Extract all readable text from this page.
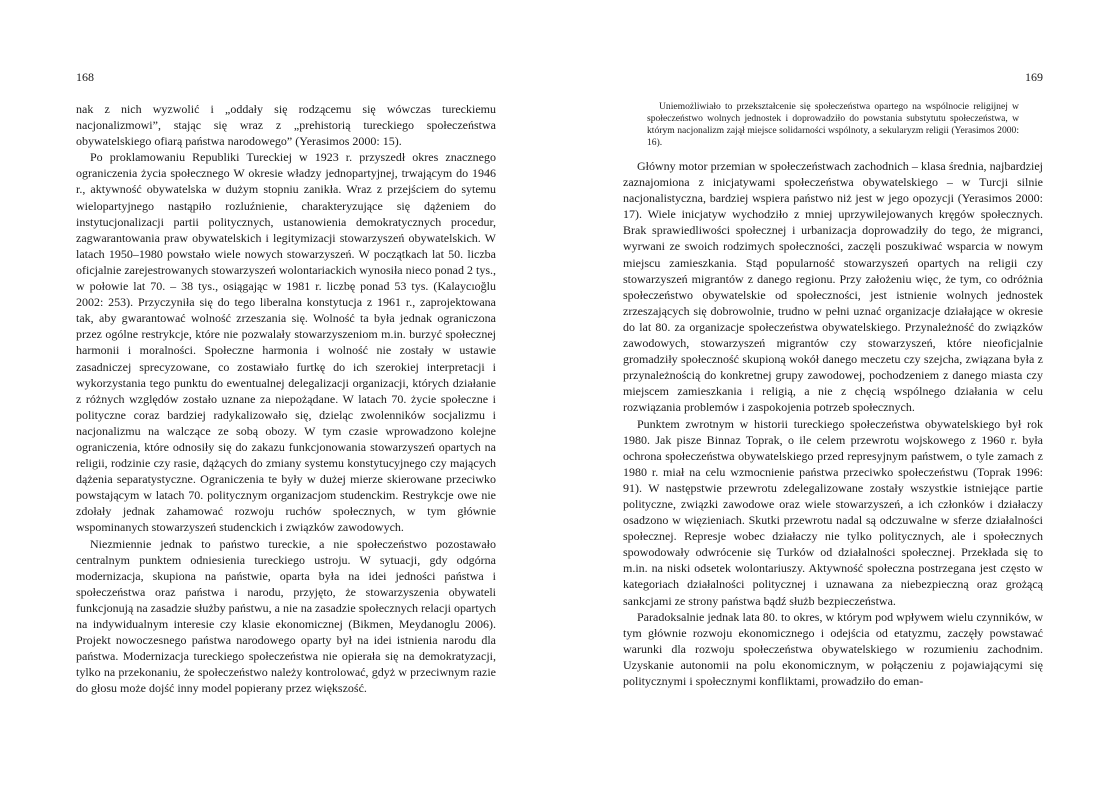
168

nak z nich wyzwolić i „oddały się rodzącemu się wówczas tureckiemu nacjonalizmowi”, stając się wraz z „prehistorią tureckiego społeczeństwa obywatelskiego ofiarą państwa narodowego” (Yerasimos 2000: 15).

Po proklamowaniu Republiki Tureckiej w 1923 r. przyszedł okres znacznego ograniczenia życia społecznego W okresie władzy jednopartyjnej, trwającym do 1946 r., aktywność obywatelska w dużym stopniu zanikła. Wraz z przejściem do sytemu wielopartyjnego nastąpiło rozluźnienie, charakteryzujące się dążeniem do instytucjonalizacji partii politycznych, ustanowienia demokratycznych procedur, zagwarantowania praw obywatelskich i legitymizacji stowarzyszeń obywatelskich. W latach 1950–1980 powstało wiele nowych stowarzyszeń. W początkach lat 50. liczba oficjalnie zarejestrowanych stowarzyszeń wolontariackich wynosiła nieco ponad 2 tys., w połowie lat 70. – 38 tys., osiągając w 1981 r. liczbę ponad 53 tys. (Kalaycıoğlu 2002: 253). Przyczyniła się do tego liberalna konstytucja z 1961 r., zaprojektowana tak, aby gwarantować wolność zrzeszania się. Wolność ta była jednak ograniczona przez ogólne restrykcje, które nie pozwalały stowarzyszeniom m.in. burzyć społecznej harmonii i moralności. Społeczne harmonia i wolność nie zostały w ustawie zasadniczej sprecyzowane, co zostawiało furtkę do ich szerokiej interpretacji i wykorzystania tego punktu do ewentualnej delegalizacji organizacji, których działanie z różnych względów zostało uznane za niepożądane. W latach 70. życie społeczne i polityczne coraz bardziej radykalizowało się, dzieląc zwolenników socjalizmu i nacjonalizmu na walczące ze sobą obozy. W tym czasie wprowadzono kolejne ograniczenia, które odnosiły się do zakazu funkcjonowania stowarzyszeń opartych na religii, rodzinie czy rasie, dążących do zmiany systemu konstytucyjnego czy mających dążenia separatystyczne. Ograniczenia te były w dużej mierze skierowane przeciwko powstającym w latach 70. politycznym organizacjom studenckim. Restrykcje owe nie zdołały jednak zahamować rozwoju ruchów społecznych, w tym głównie wspominanych stowarzyszeń studenckich i związków zawodowych.

Niezmiennie jednak to państwo tureckie, a nie społeczeństwo pozostawało centralnym punktem odniesienia tureckiego ustroju. W sytuacji, gdy odgórna modernizacja, skupiona na państwie, oparta była na idei jedności państwa i społeczeństwa oraz państwa i narodu, przyjęto, że stowarzyszenia obywateli funkcjonują na zasadzie służby państwu, a nie na zasadzie społecznych relacji opartych na indywidualnym interesie czy klasie ekonomicznej (Bikmen, Meydanoglu 2006). Projekt nowoczesnego państwa narodowego oparty był na idei istnienia narodu dla państwa. Modernizacja tureckiego społeczeństwa nie opierała się na demokratyzacji, tylko na przekonaniu, że społeczeństwo należy kontrolować, gdyż w przeciwnym razie do głosu może dojść inny model popierany przez większość.

169

Uniemożliwiało to przekształcenie się społeczeństwa opartego na wspólnocie religijnej w społeczeństwo wolnych jednostek i doprowadziło do powstania substytutu społeczeństwa, w którym nacjonalizm zajął miejsce solidarności wspólnoty, a sekularyzm religii (Yerasimos 2000: 16).

Główny motor przemian w społeczeństwach zachodnich – klasa średnia, najbardziej zaznajomiona z inicjatywami społeczeństwa obywatelskiego – w Turcji silnie nacjonalistyczna, bardziej wspiera państwo niż jest w jego opozycji (Yerasimos 2000: 17). Wiele inicjatyw wychodziło z mniej uprzywilejowanych kręgów społecznych. Brak sprawiedliwości społecznej i urbanizacja doprowadziły do tego, że migranci, wyrwani ze swoich rodzimych społeczności, zaczęli poszukiwać wsparcia w nowym miejscu zamieszkania. Stąd popularność stowarzyszeń opartych na religii czy stowarzyszeń migrantów z danego regionu. Przy założeniu więc, że tym, co odróżnia społeczeństwo obywatelskie od społeczności, jest istnienie wolnych jednostek zrzeszających się dobrowolnie, trudno w pełni uznać organizacje działające w okresie do lat 80. za organizacje społeczeństwa obywatelskiego. Przynależność do związków zawodowych, stowarzyszeń migrantów czy stowarzyszeń, które nieoficjalnie gromadziły społeczność skupioną wokół danego meczetu czy szejcha, związana była z przynależnością do konkretnej grupy zawodowej, pochodzeniem z danego miasta czy miejscem zamieszkania i religią, a nie z chęcią wspólnego działania w celu rozwiązania problemów i zaspokojenia potrzeb społecznych.

Punktem zwrotnym w historii tureckiego społeczeństwa obywatelskiego był rok 1980. Jak pisze Binnaz Toprak, o ile celem przewrotu wojskowego z 1960 r. była ochrona społeczeństwa obywatelskiego przed represyjnym państwem, o tyle zamach z 1980 r. miał na celu wzmocnienie państwa przeciwko społeczeństwu (Toprak 1996: 91). W następstwie przewrotu zdelegalizowane zostały wszystkie istniejące partie polityczne, związki zawodowe oraz wiele stowarzyszeń, a ich członków i działaczy osadzono w więzieniach. Skutki przewrotu nadal są odczuwalne w sferze działalności społecznej. Represje wobec działaczy nie tylko politycznych, ale i społecznych spowodowały odwrócenie się Turków od działalności społecznej. Przekłada się to m.in. na niski odsetek wolontariuszy. Aktywność społeczna postrzegana jest często w kategoriach działalności politycznej i uznawana za niebezpieczną oraz grożącą sankcjami ze strony państwa bądź służb bezpieczeństwa.

Paradoksalnie jednak lata 80. to okres, w którym pod wpływem wielu czynników, w tym głównie rozwoju ekonomicznego i odejścia od etatyzmu, zaczęły powstawać warunki dla rozwoju społeczeństwa obywatelskiego w rozumieniu zachodnim. Uzyskanie autonomii na polu ekonomicznym, w połączeniu z pojawiającymi się politycznymi i społecznymi konfliktami, prowadziło do eman-
